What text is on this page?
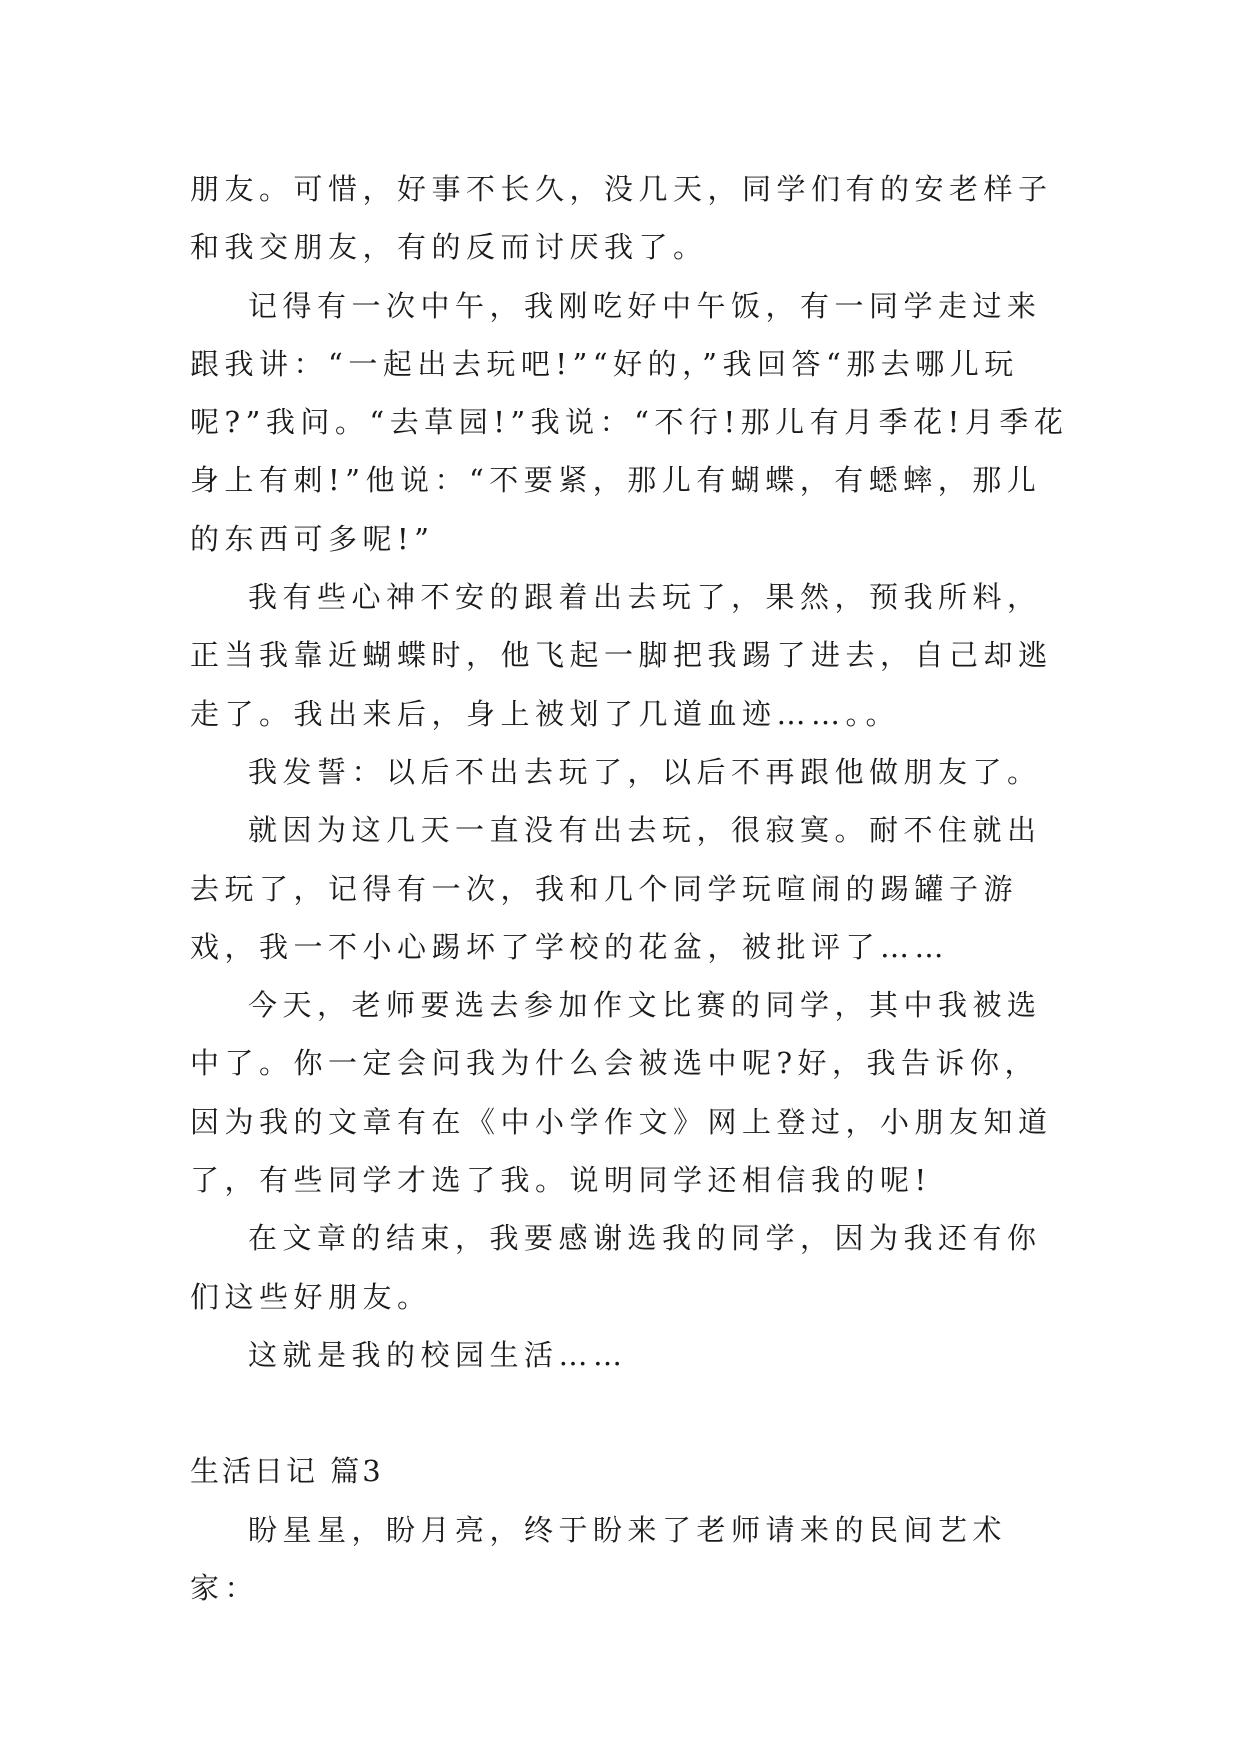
朋友。可惜，好事不长久，没几天，同学们有的安老样子和我交朋友，有的反而讨厌我了。

记得有一次中午，我刚吃好中午饭，有一同学走过来跟我讲：“一起出去玩吧!”“好的，”我回答“那去哪儿玩呢?”我问。“去草园!”我说：“不行!那儿有月季花!月季花身上有刺!”他说：“不要紧，那儿有蝴蝶，有蟋蟀，那儿的东西可多呢!”

我有些心神不安的跟着出去玩了，果然，预我所料，正当我靠近蝴蝶时，他飞起一脚把我踢了进去，自己却逃走了。我出来后，身上被划了几道血迹……。。

我发誓：以后不出去玩了，以后不再跟他做朋友了。

就因为这几天一直没有出去玩，很寂寞。耐不住就出去玩了，记得有一次，我和几个同学玩喧闹的踢罐子游戏，我一不小心踢坏了学校的花盆，被批评了……

今天，老师要选去参加作文比赛的同学，其中我被选中了。你一定会问我为什么会被选中呢?好，我告诉你，因为我的文章有在《中小学作文》网上登过，小朋友知道了，有些同学才选了我。说明同学还相信我的呢!

在文章的结束，我要感谢选我的同学，因为我还有你们这些好朋友。

这就是我的校园生活……

生活日记 篇3

盼星星，盼月亮，终于盼来了老师请来的民间艺术家：
